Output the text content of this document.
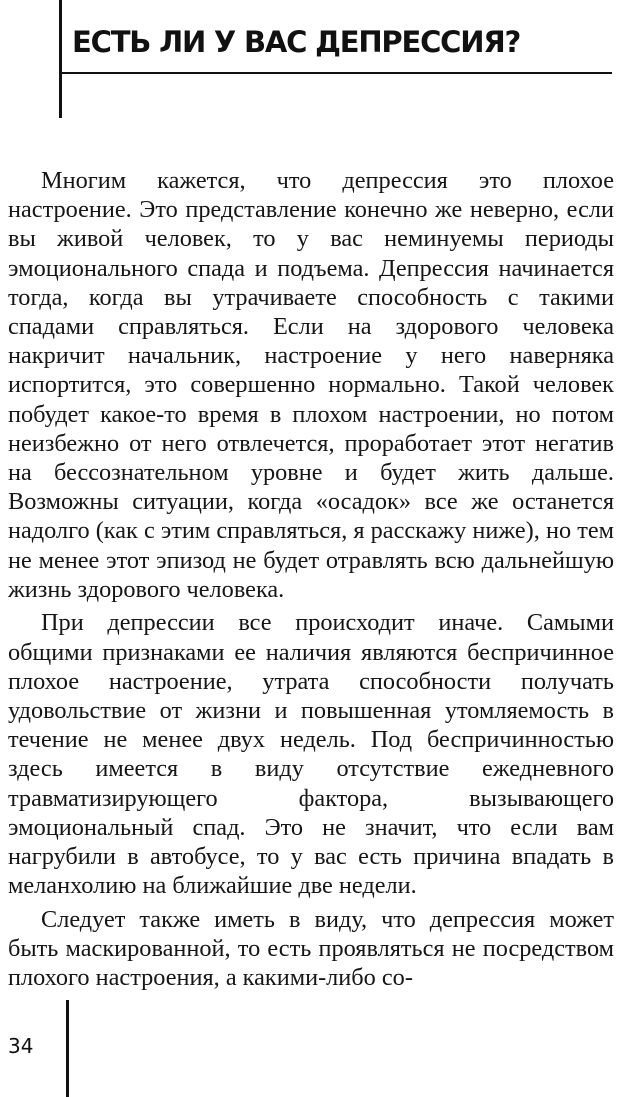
ЕСТЬ ЛИ У ВАС ДЕПРЕССИЯ?

Многим кажется, что депрессия это плохое настроение. Это представление конечно же неверно, если вы живой человек, то у вас неминуемы периоды эмоционального спада и подъема. Депрессия начинается тогда, когда вы утрачиваете способность с такими спадами справляться. Если на здорового человека накричит начальник, настроение у него наверняка испортится, это совершенно нормально. Такой человек побудет какое-то время в плохом настроении, но потом неизбежно от него отвлечется, проработает этот негатив на бессознательном уровне и будет жить дальше. Возможны ситуации, когда «осадок» все же останется надолго (как с этим справляться, я расскажу ниже), но тем не менее этот эпизод не будет отравлять всю дальнейшую жизнь здорового человека.

При депрессии все происходит иначе. Самыми общими признаками ее наличия являются беспричинное плохое настроение, утрата способности получать удовольствие от жизни и повышенная утомляемость в течение не менее двух недель. Под беспричинностью здесь имеется в виду отсутствие ежедневного травматизирующего фактора, вызывающего эмоциональный спад. Это не значит, что если вам нагрубили в автобусе, то у вас есть причина впадать в меланхолию на ближайшие две недели.

Следует также иметь в виду, что депрессия может быть маскированной, то есть проявляться не посредством плохого настроения, а какими-либо со-

34
